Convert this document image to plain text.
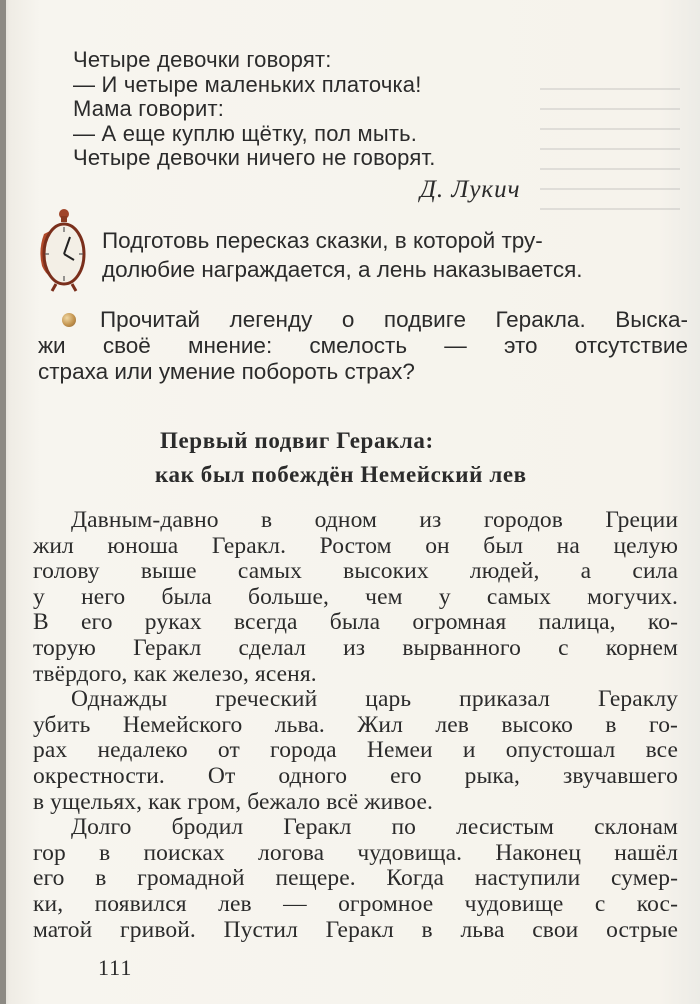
Четыре девочки говорят:
— И четыре маленьких платочка!
Мама говорит:
— А еще куплю щётку, пол мыть.
Четыре девочки ничего не говорят.
Д. Лукич
Подготовь пересказ сказки, в которой тру-
долюбие награждается, а лень наказывается.
Прочитай легенду о подвиге Геракла. Выска-
жи своё мнение: смелость — это отсутствие
страха или умение побороть страх?
Первый подвиг Геракла:
как был побеждён Немейский лев
Давным-давно в одном из городов Греции
жил юноша Геракл. Ростом он был на целую
голову выше самых высоких людей, а сила
у него была больше, чем у самых могучих.
В его руках всегда была огромная палица, ко-
торую Геракл сделал из вырванного с корнем
твёрдого, как железо, ясеня.
Однажды греческий царь приказал Гераклу
убить Немейского льва. Жил лев высоко в го-
рах недалеко от города Немеи и опустошал все
окрестности. От одного его рыка, звучавшего
в ущельях, как гром, бежало всё живое.
Долго бродил Геракл по лесистым склонам
гор в поисках логова чудовища. Наконец нашёл
его в громадной пещере. Когда наступили сумер-
ки, появился лев — огромное чудовище с кос-
матой гривой. Пустил Геракл в льва свои острые
111
